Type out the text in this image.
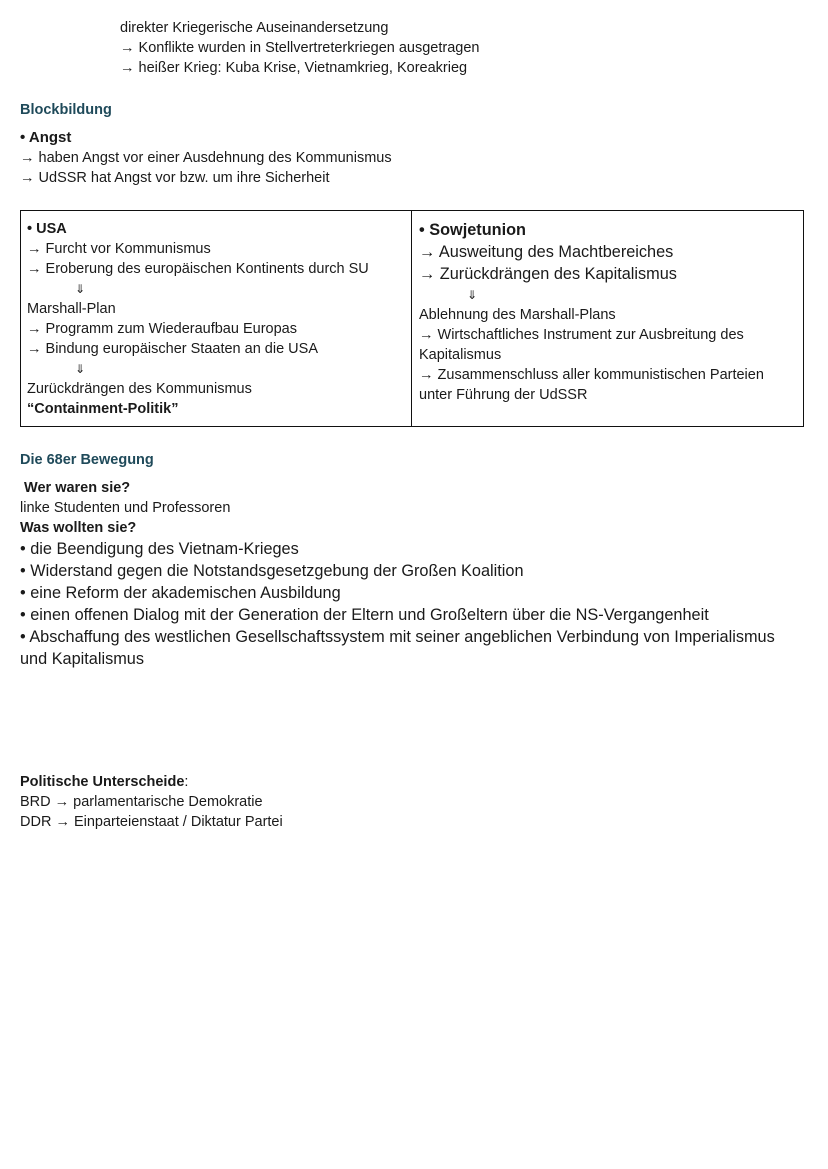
direkter Kriegerische Auseinandersetzung
→ Konflikte wurden in Stellvertreterkriegen ausgetragen
→ heißer Krieg: Kuba Krise, Vietnamkrieg, Koreakrieg
Blockbildung
• Angst
→ haben Angst vor einer Ausdehnung des Kommunismus
→ UdSSR hat Angst vor bzw. um ihre Sicherheit
• USA
→ Furcht vor Kommunismus
→ Eroberung des europäischen Kontinents durch SU
⇓
Marshall-Plan
→ Programm zum Wiederaufbau Europas
→ Bindung europäischer Staaten an die USA
⇓
Zurückdrängen des Kommunismus
“Containment-Politik”
• Sowjetunion
→ Ausweitung des Machtbereiches
→ Zurückdrängen des Kapitalismus
⇓
Ablehnung des Marshall-Plans
→ Wirtschaftliches Instrument zur Ausbreitung des
Kapitalismus
→ Zusammenschluss aller kommunistischen Parteien
unter Führung der UdSSR
Die 68er Bewegung
Wer waren sie?
linke Studenten und Professoren
Was wollten sie?
• die Beendigung des Vietnam-Krieges
• Widerstand gegen die Notstandsgesetzgebung der Großen Koalition
• eine Reform der akademischen Ausbildung
• einen offenen Dialog mit der Generation der Eltern und Großeltern über die NS-Vergangenheit
• Abschaffung des westlichen Gesellschaftssystem mit seiner angeblichen Verbindung von Imperialismus
und Kapitalismus
Politische Unterscheide:
BRD → parlamentarische Demokratie
DDR → Einparteienstaat / Diktatur Partei
